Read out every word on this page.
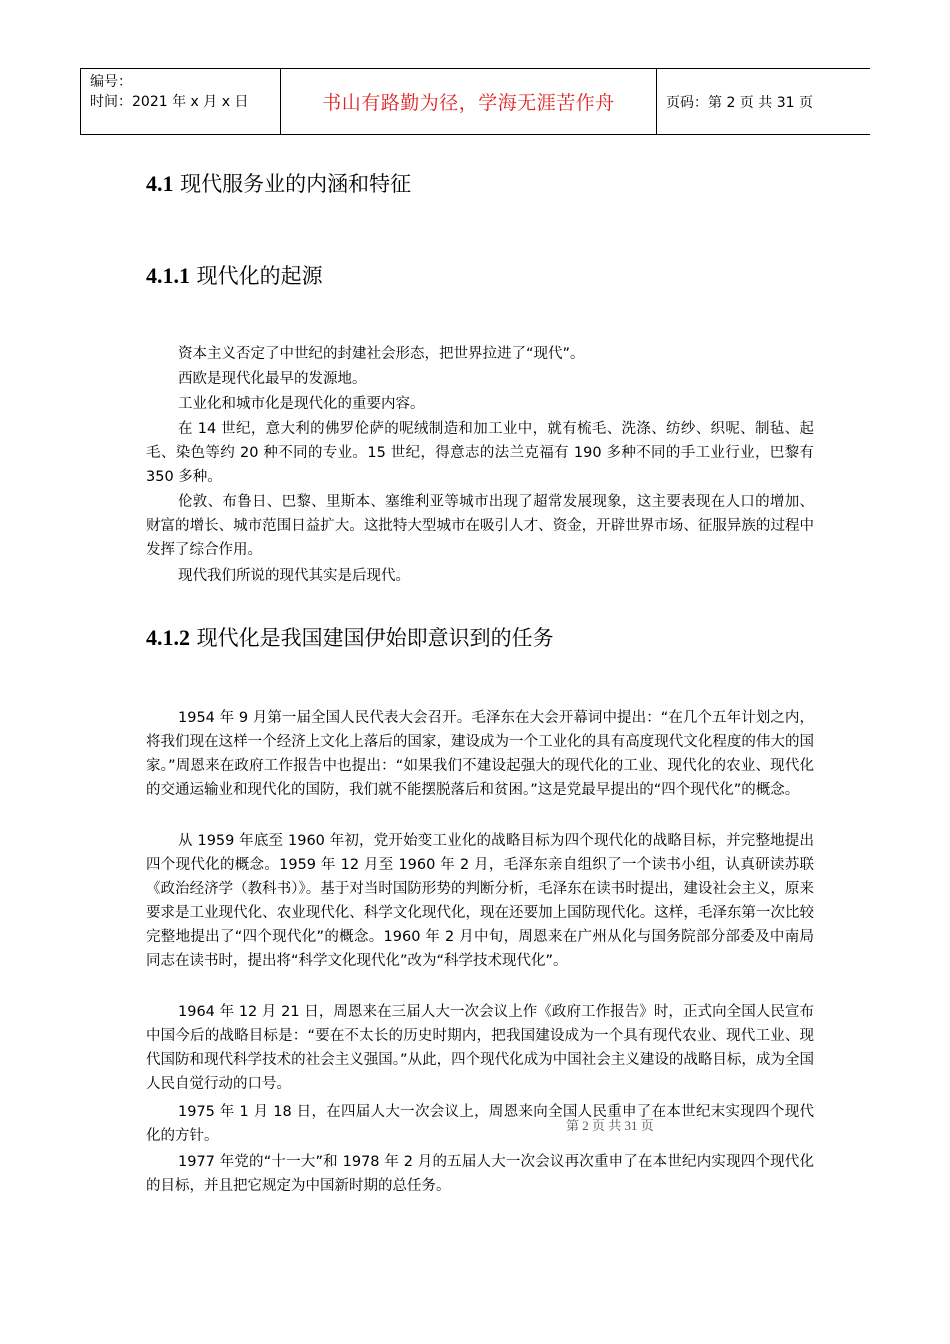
编号：
时间：2021 年 x 月 x 日	书山有路勤为径，学海无涯苦作舟	页码：第 2 页 共 31 页
4.1 现代服务业的内涵和特征
4.1.1 现代化的起源

资本主义否定了中世纪的封建社会形态，把世界拉进了“现代”。

西欧是现代化最早的发源地。

工业化和城市化是现代化的重要内容。

在 14 世纪，意大利的佛罗伦萨的呢绒制造和加工业中，就有梳毛、洗涤、纺纱、织呢、制毡、起毛、染色等约 20 种不同的专业。15 世纪，得意志的法兰克福有 190 多种不同的手工业行业，巴黎有 350 多种。

伦敦、布鲁日、巴黎、里斯本、塞维利亚等城市出现了超常发展现象，这主要表现在人口的增加、财富的增长、城市范围日益扩大。这批特大型城市在吸引人才、资金，开辟世界市场、征服异族的过程中发挥了综合作用。

现代我们所说的现代其实是后现代。

4.1.2 现代化是我国建国伊始即意识到的任务

1954 年 9 月第一届全国人民代表大会召开。毛泽东在大会开幕词中提出：“在几个五年计划之内，将我们现在这样一个经济上文化上落后的国家，建设成为一个工业化的具有高度现代文化程度的伟大的国家。”周恩来在政府工作报告中也提出：“如果我们不建设起强大的现代化的工业、现代化的农业、现代化的交通运输业和现代化的国防，我们就不能摆脱落后和贫困。”这是党最早提出的“四个现代化”的概念。

从 1959 年底至 1960 年初，党开始变工业化的战略目标为四个现代化的战略目标，并完整地提出四个现代化的概念。1959 年 12 月至 1960 年 2 月，毛泽东亲自组织了一个读书小组，认真研读苏联《政治经济学（教科书）》。基于对当时国防形势的判断分析，毛泽东在读书时提出，建设社会主义，原来要求是工业现代化、农业现代化、科学文化现代化，现在还要加上国防现代化。这样，毛泽东第一次比较完整地提出了“四个现代化”的概念。1960 年 2 月中旬，周恩来在广州从化与国务院部分部委及中南局同志在读书时，提出将“科学文化现代化”改为“科学技术现代化”。

1964 年 12 月 21 日，周恩来在三届人大一次会议上作《政府工作报告》时，正式向全国人民宣布中国今后的战略目标是：“要在不太长的历史时期内，把我国建设成为一个具有现代农业、现代工业、现代国防和现代科学技术的社会主义强国。”从此，四个现代化成为中国社会主义建设的战略目标，成为全国人民自觉行动的口号。

1975 年 1 月 18 日，在四届人大一次会议上，周恩来向全国人民重申了在本世纪末实现四个现代化的方针。

1977 年党的“十一大”和 1978 年 2 月的五届人大一次会议再次重申了在本世纪内实现四个现代化的目标，并且把它规定为中国新时期的总任务。

第 2 页 共 31 页
